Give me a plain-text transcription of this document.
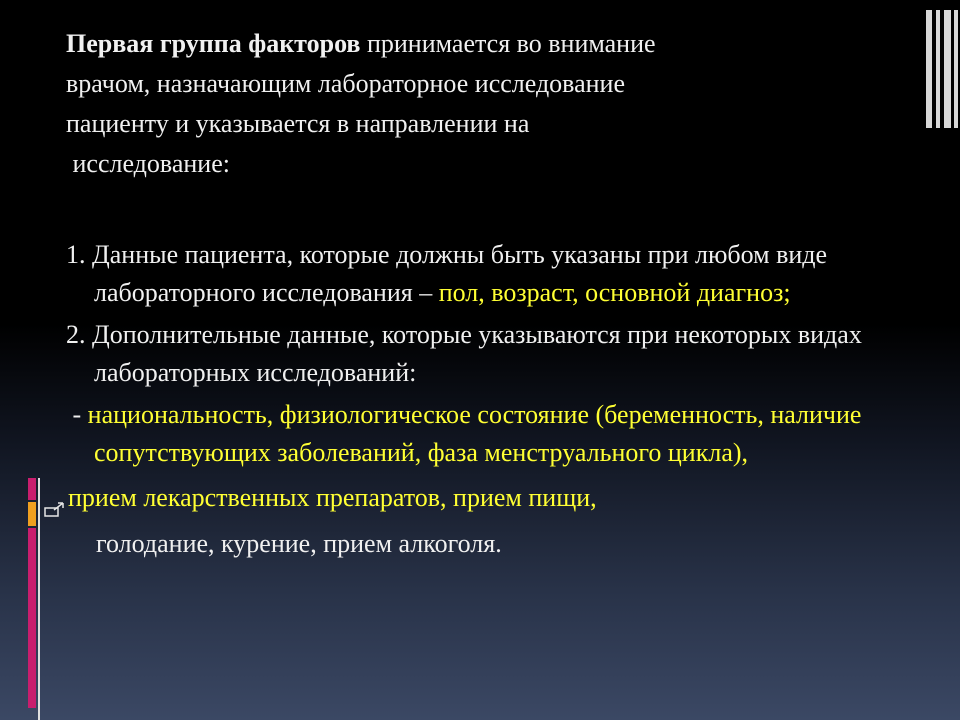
Первая группа факторов принимается во внимание

врачом, назначающим лабораторное исследование

пациенту и указывается в направлении на

исследование:

1. Данные пациента, которые должны быть указаны при любом виде лабораторного исследования – пол, возраст, основной диагноз;

2. Дополнительные данные, которые указываются при некоторых видах лабораторных исследований:

- национальность, физиологическое состояние (беременность, наличие сопутствующих заболеваний, фаза менструального цикла),

прием лекарственных препаратов, прием пищи,

голодание, курение, прием алкоголя.
